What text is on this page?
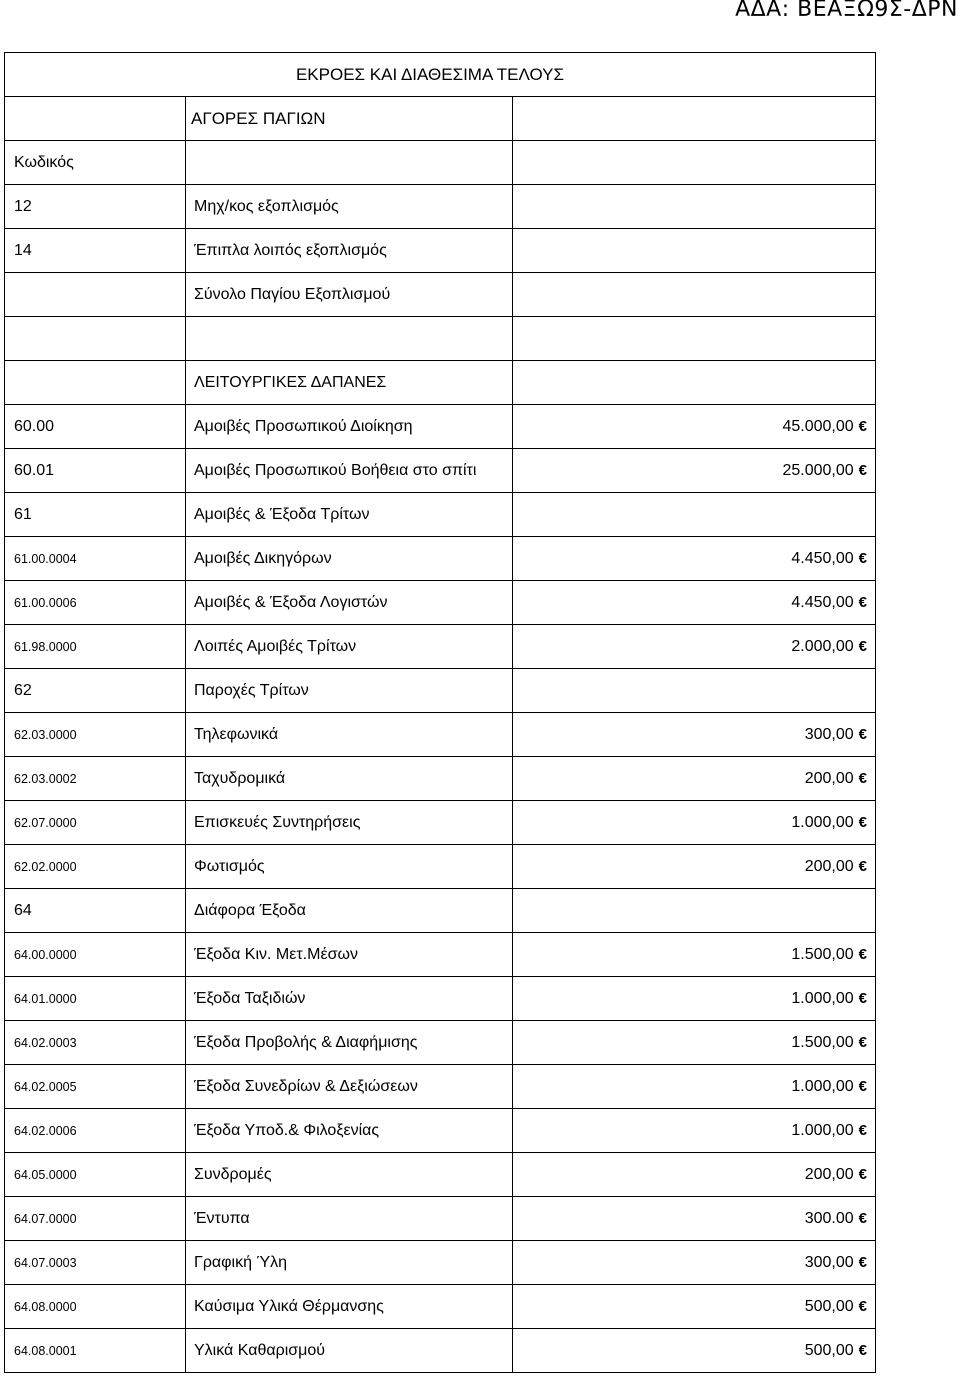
ΑΔΑ: ΒΕΑΞΩ9Σ-ΔΡΝ
ΕΚΡΟΕΣ ΚΑΙ ΔΙΑΘΕΣΙΜΑ ΤΕΛΟΥΣ		
	ΑΓΟΡΕΣ ΠΑΓΙΩΝ	
Κωδικός		
12	Μηχ/κος εξοπλισμός	
14	Έπιπλα λοιπός εξοπλισμός	
	Σύνολο Παγίου Εξοπλισμού	

	ΛΕΙΤΟΥΡΓΙΚΕΣ ΔΑΠΑΝΕΣ	
60.00	Αμοιβές Προσωπικού Διοίκηση	45.000,00 €
60.01	Αμοιβές Προσωπικού Βοήθεια στο σπίτι	25.000,00 €
61	Αμοιβές & Έξοδα Τρίτων	
61.00.0004	Αμοιβές Δικηγόρων	4.450,00 €
61.00.0006	Αμοιβές & Έξοδα Λογιστών	4.450,00 €
61.98.0000	Λοιπές Αμοιβές Τρίτων	2.000,00 €
62	Παροχές Τρίτων	
62.03.0000	Τηλεφωνικά	300,00 €
62.03.0002	Ταχυδρομικά	200,00 €
62.07.0000	Επισκευές Συντηρήσεις	1.000,00 €
62.02.0000	Φωτισμός	200,00 €
64	Διάφορα Έξοδα	
64.00.0000	Έξοδα Κιν. Μετ.Μέσων	1.500,00 €
64.01.0000	Έξοδα Ταξιδιών	1.000,00 €
64.02.0003	Έξοδα Προβολής & Διαφήμισης	1.500,00 €
64.02.0005	Έξοδα Συνεδρίων & Δεξιώσεων	1.000,00 €
64.02.0006	Έξοδα Υποδ.& Φιλοξενίας	1.000,00 €
64.05.0000	Συνδρομές	200,00 €
64.07.0000	Έντυπα	300.00 €
64.07.0003	Γραφική Ύλη	300,00 €
64.08.0000	Καύσιμα Υλικά Θέρμανσης	500,00 €
64.08.0001	Υλικά Καθαρισμού	500,00 €
